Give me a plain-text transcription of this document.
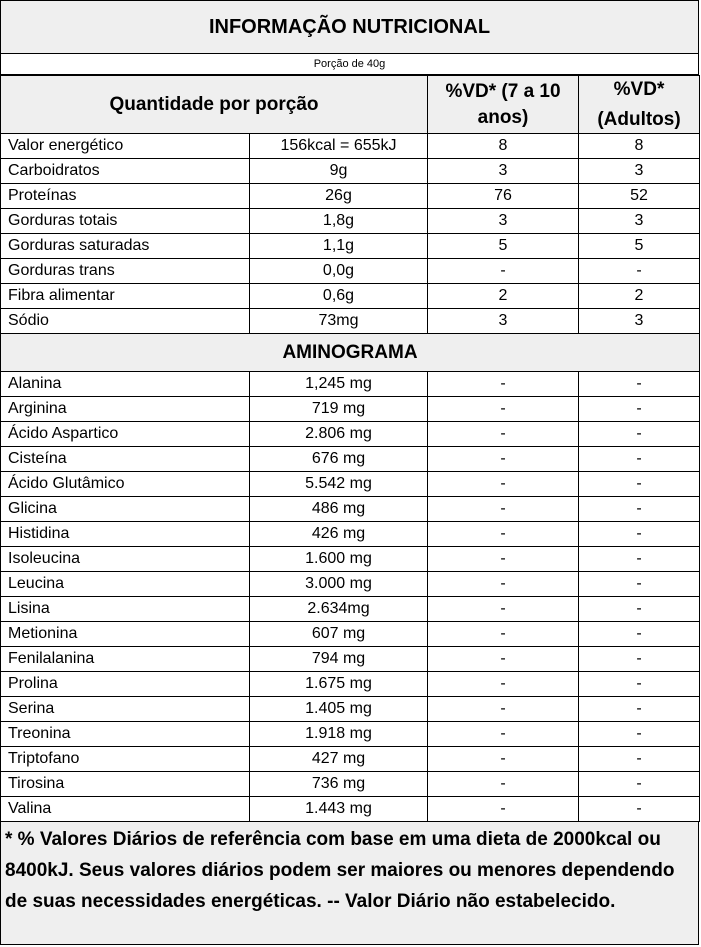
INFORMAÇÃO NUTRICIONAL
Porção de 40g
Quantidade por porção		%VD* (7 a 10 anos)	%VD*
			(Adultos)
Valor energético	156kcal = 655kJ	8	8
Carboidratos	9g	3	3
Proteínas	26g	76	52
Gorduras totais	1,8g	3	3
Gorduras saturadas	1,1g	5	5
Gorduras trans	0,0g	-	-
Fibra alimentar	0,6g	2	2
Sódio	73mg	3	3
AMINOGRAMA			
Alanina	1,245 mg	-	-
Arginina	719 mg	-	-
Ácido Aspartico	2.806 mg	-	-
Cisteína	676 mg	-	-
Ácido Glutâmico	5.542 mg	-	-
Glicina	486 mg	-	-
Histidina	426 mg	-	-
Isoleucina	1.600 mg	-	-
Leucina	3.000 mg	-	-
Lisina	2.634mg	-	-
Metionina	607 mg	-	-
Fenilalanina	794 mg	-	-
Prolina	1.675 mg	-	-
Serina	1.405 mg	-	-
Treonina	1.918 mg	-	-
Triptofano	427 mg	-	-
Tirosina	736 mg	-	-
Valina	1.443 mg	-	-
* % Valores Diários de referência com base em uma dieta de 2000kcal ou 8400kJ. Seus valores diários podem ser maiores ou menores dependendo de suas necessidades energéticas. -- Valor Diário não estabelecido.
